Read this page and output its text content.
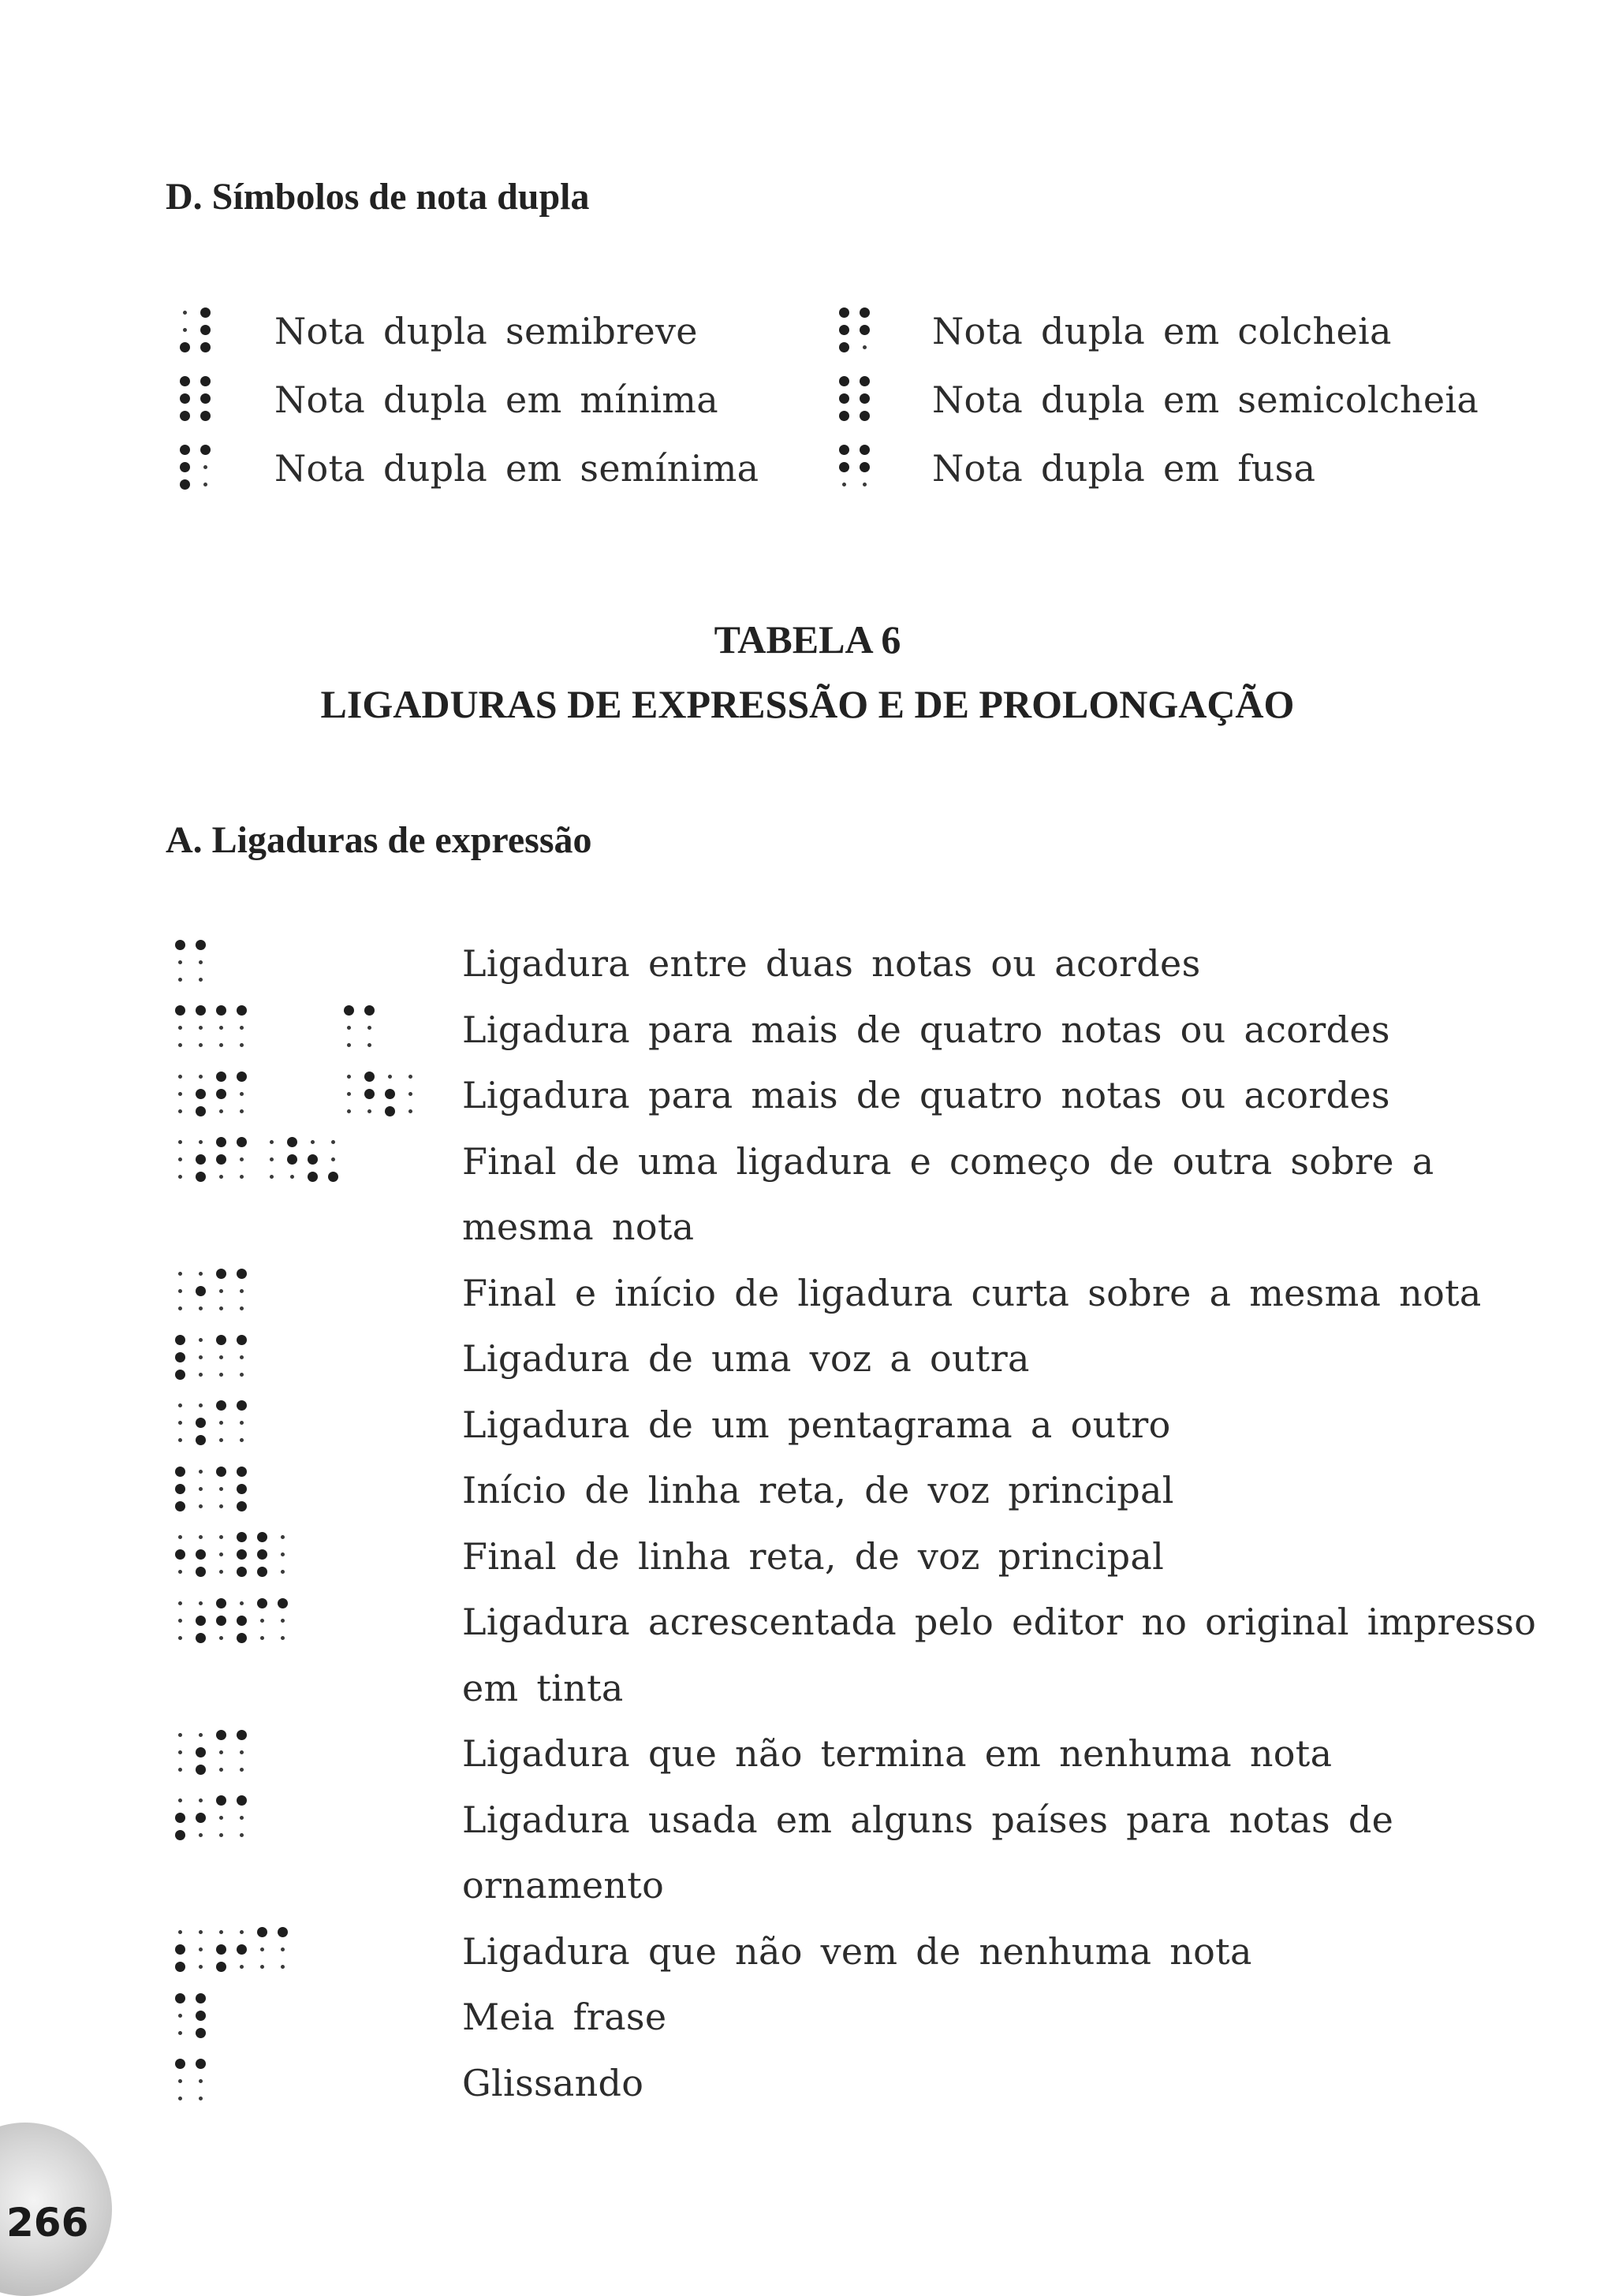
D. Símbolos de nota dupla
Nota dupla semibreve
Nota dupla em mínima
Nota dupla em semínima
Nota dupla em colcheia
Nota dupla em semicolcheia
Nota dupla em fusa
TABELA 6
LIGADURAS DE EXPRESSÃO E DE PROLONGAÇÃO
A. Ligaduras de expressão
Ligadura entre duas notas ou acordes
Ligadura para mais de quatro notas ou acordes
Ligadura para mais de quatro notas ou acordes
Final de uma ligadura e começo de outra sobre a
mesma nota
Final e início de ligadura curta sobre a mesma nota
Ligadura de uma voz a outra
Ligadura de um pentagrama a outro
Início de linha reta, de voz principal
Final de linha reta, de voz principal
Ligadura acrescentada pelo editor no original impresso
em tinta
Ligadura que não termina em nenhuma nota
Ligadura usada em alguns países para notas de
ornamento
Ligadura que não vem de nenhuma nota
Meia frase
Glissando
266
